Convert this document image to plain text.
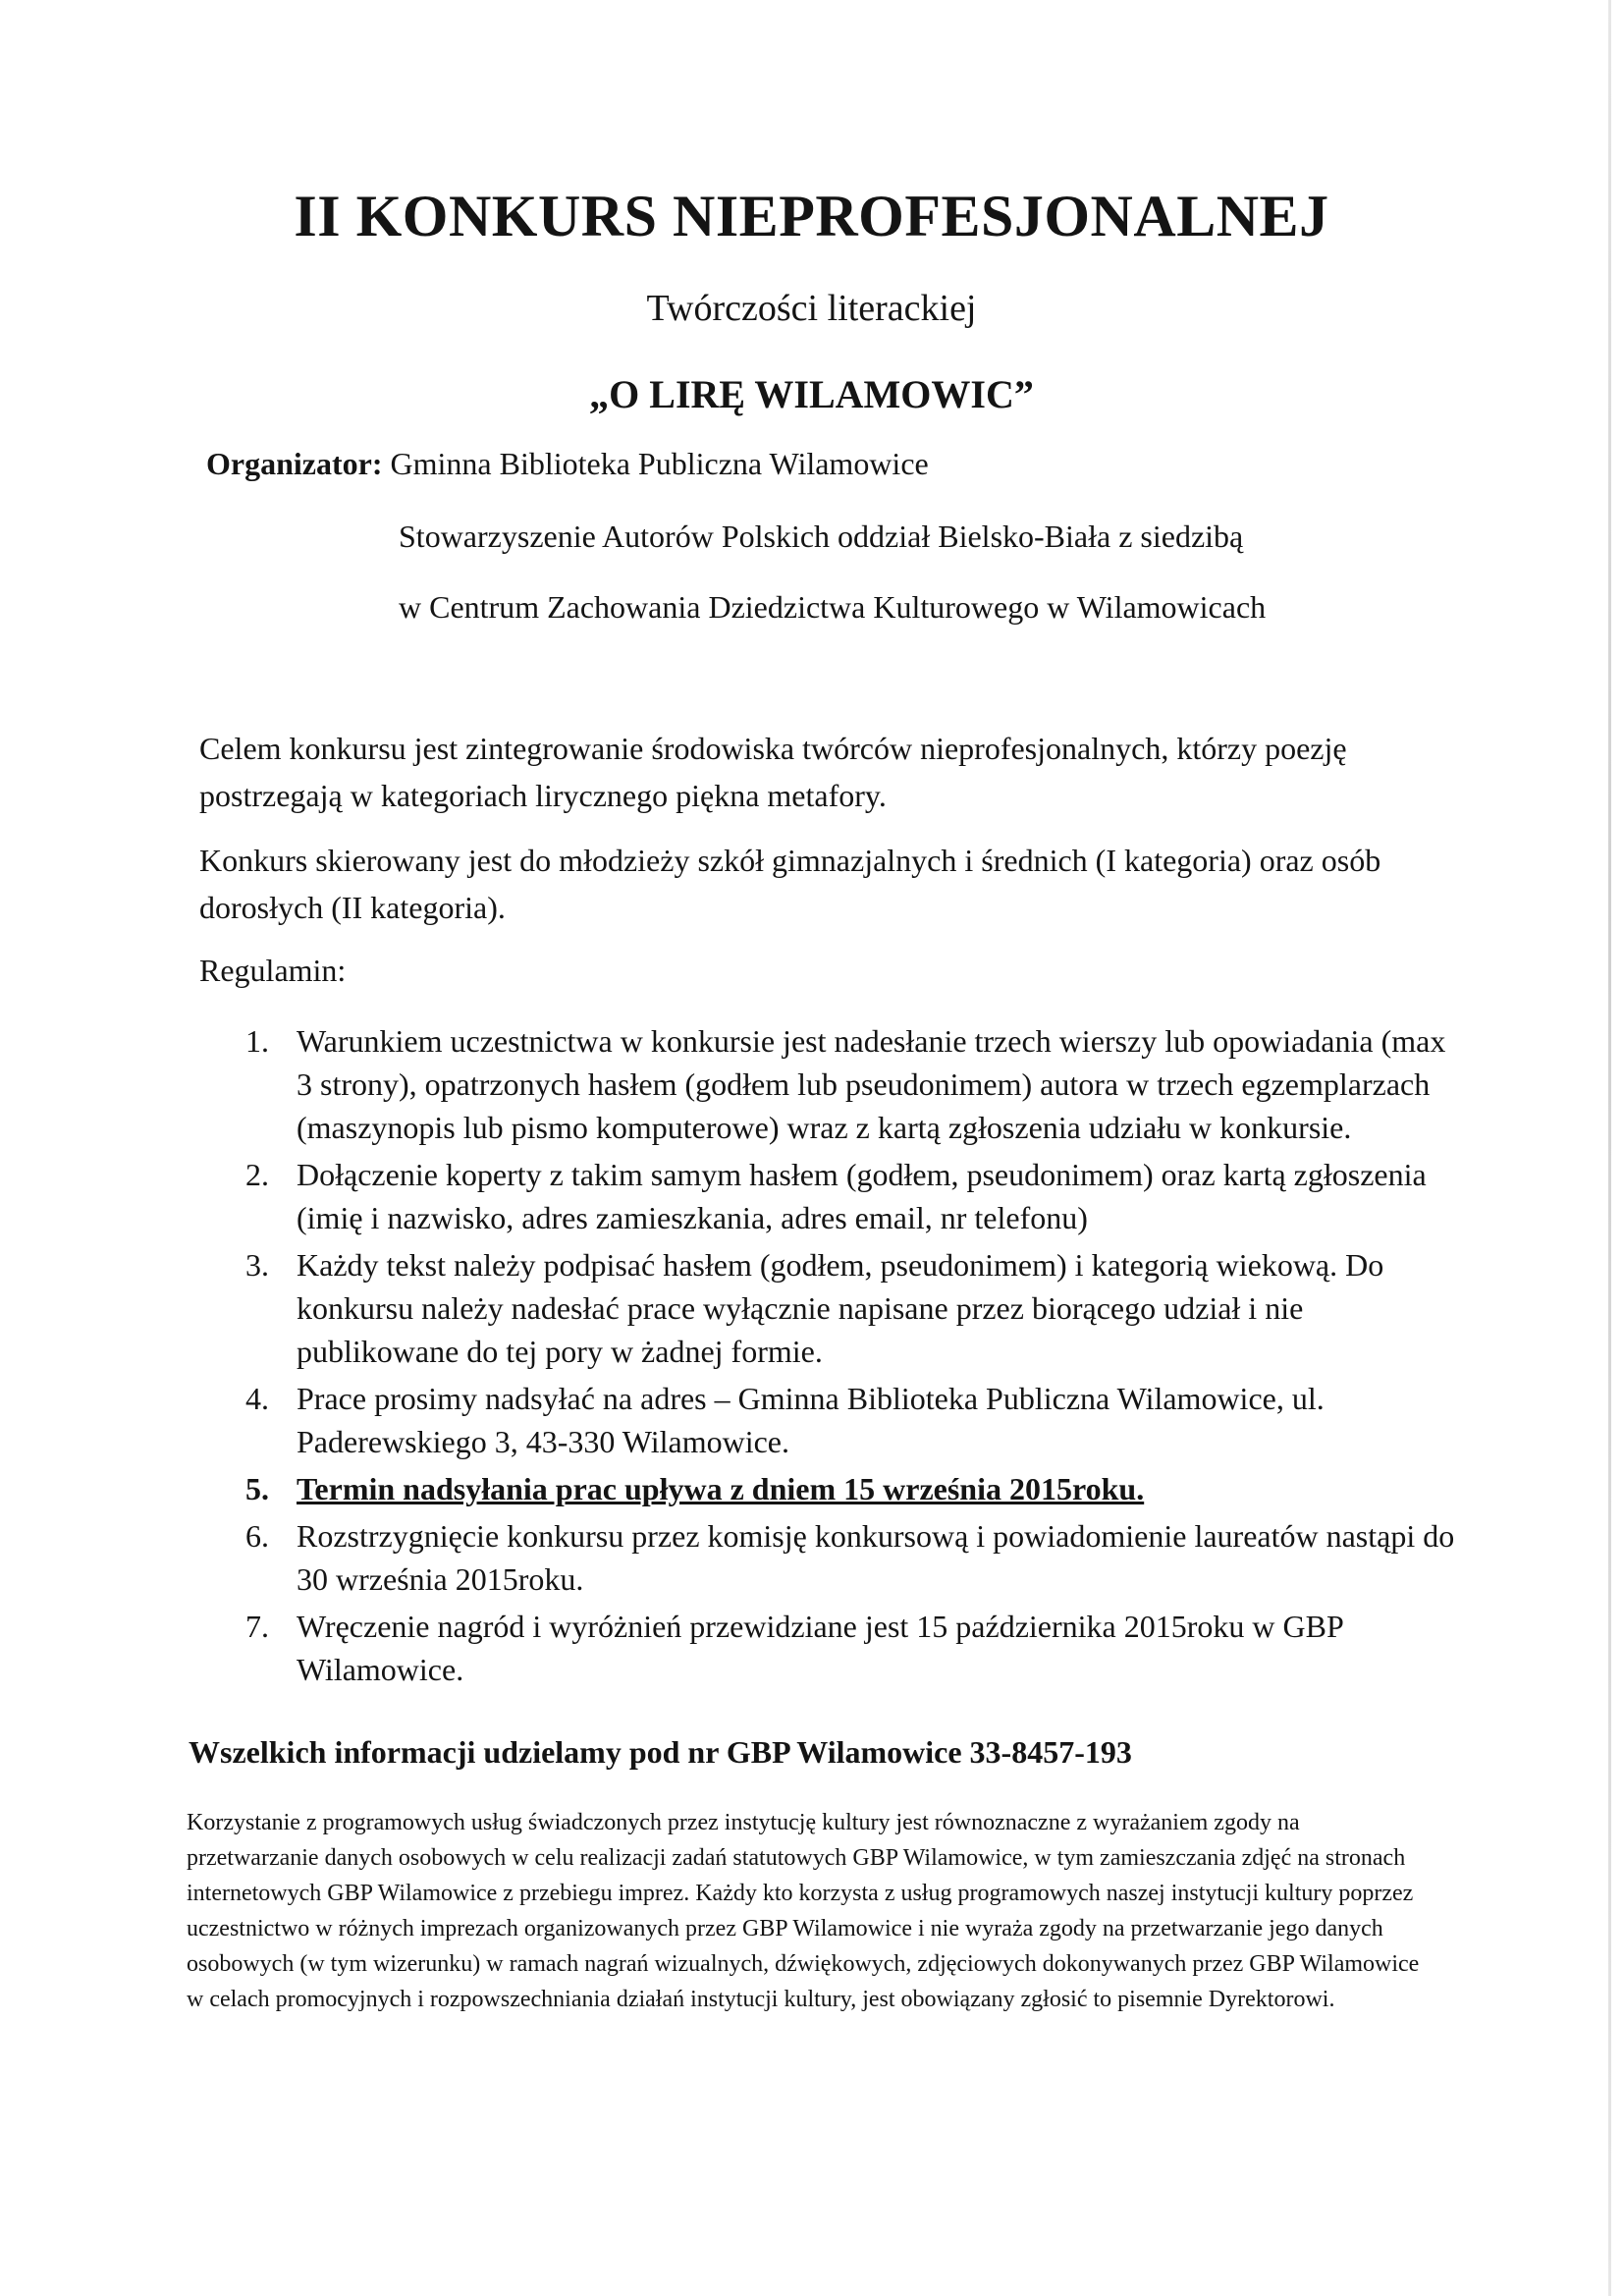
II KONKURS NIEPROFESJONALNEJ

Twórczości literackiej

„O LIRĘ WILAMOWIC”

Organizator: Gminna Biblioteka Publiczna Wilamowice
Stowarzyszenie Autorów Polskich oddział Bielsko-Biała z siedzibą
w Centrum Zachowania Dziedzictwa Kulturowego w Wilamowicach

Celem konkursu jest zintegrowanie środowiska twórców nieprofesjonalnych, którzy poezję postrzegają w kategoriach lirycznego piękna metafory.

Konkurs skierowany jest do młodzieży szkół gimnazjalnych i średnich (I kategoria) oraz osób dorosłych (II kategoria).

Regulamin:

1. Warunkiem uczestnictwa w konkursie jest nadesłanie trzech wierszy lub opowiadania (max 3 strony), opatrzonych hasłem (godłem lub pseudonimem) autora w trzech egzemplarzach (maszynopis lub pismo komputerowe) wraz z kartą zgłoszenia udziału w konkursie.
2. Dołączenie koperty z takim samym hasłem (godłem, pseudonimem) oraz kartą zgłoszenia (imię i nazwisko, adres zamieszkania, adres email, nr telefonu)
3. Każdy tekst należy podpisać hasłem (godłem, pseudonimem) i kategorią wiekową. Do konkursu należy nadesłać prace wyłącznie napisane przez biorącego udział i nie publikowane do tej pory w żadnej formie.
4. Prace prosimy nadsyłać na adres – Gminna Biblioteka Publiczna Wilamowice, ul. Paderewskiego 3, 43-330 Wilamowice.
5. Termin nadsyłania prac upływa z dniem 15 września 2015roku.
6. Rozstrzygnięcie konkursu przez komisję konkursową i powiadomienie laureatów nastąpi do 30 września 2015roku.
7. Wręczenie nagród i wyróżnień przewidziane jest 15 października 2015roku w GBP Wilamowice.

Wszelkich informacji udzielamy pod nr GBP Wilamowice 33-8457-193

Korzystanie z programowych usług świadczonych przez instytucję kultury jest równoznaczne z wyrażaniem zgody na przetwarzanie danych osobowych w celu realizacji zadań statutowych GBP Wilamowice, w tym zamieszczania zdjęć na stronach internetowych GBP Wilamowice z przebiegu imprez. Każdy kto korzysta z usług programowych naszej instytucji kultury poprzez uczestnictwo w różnych imprezach organizowanych przez GBP Wilamowice i nie wyraża zgody na przetwarzanie jego danych osobowych (w tym wizerunku) w ramach nagrań wizualnych, dźwiękowych, zdjęciowych dokonywanych przez GBP Wilamowice w celach promocyjnych i rozpowszechniania działań instytucji kultury, jest obowiązany zgłosić to pisemnie Dyrektorowi.
